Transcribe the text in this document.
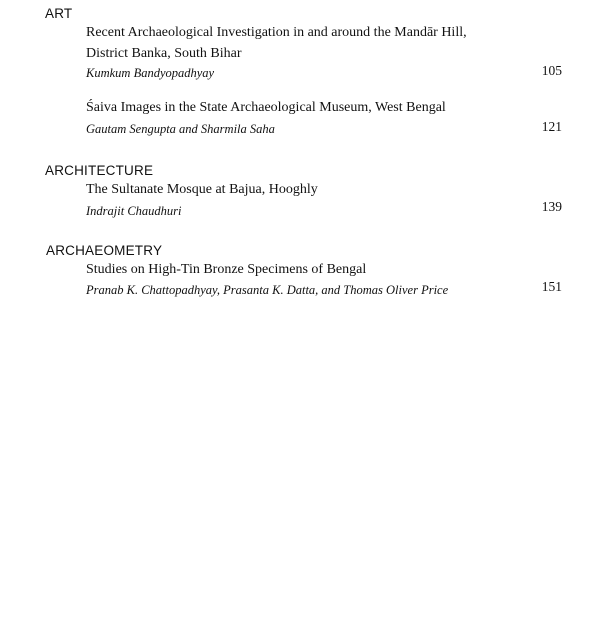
ART
Recent Archaeological Investigation in and around the Mandār Hill,
District Banka, South Bihar
Kumkum Bandyopadhyay	105
Śaiva Images in the State Archaeological Museum, West Bengal
Gautam Sengupta and Sharmila Saha	121
ARCHITECTURE
The Sultanate Mosque at Bajua, Hooghly
Indrajit Chaudhuri	139
ARCHAEOMETRY
Studies on High-Tin Bronze Specimens of Bengal
Pranab K. Chattopadhyay, Prasanta K. Datta, and Thomas Oliver Price	151
